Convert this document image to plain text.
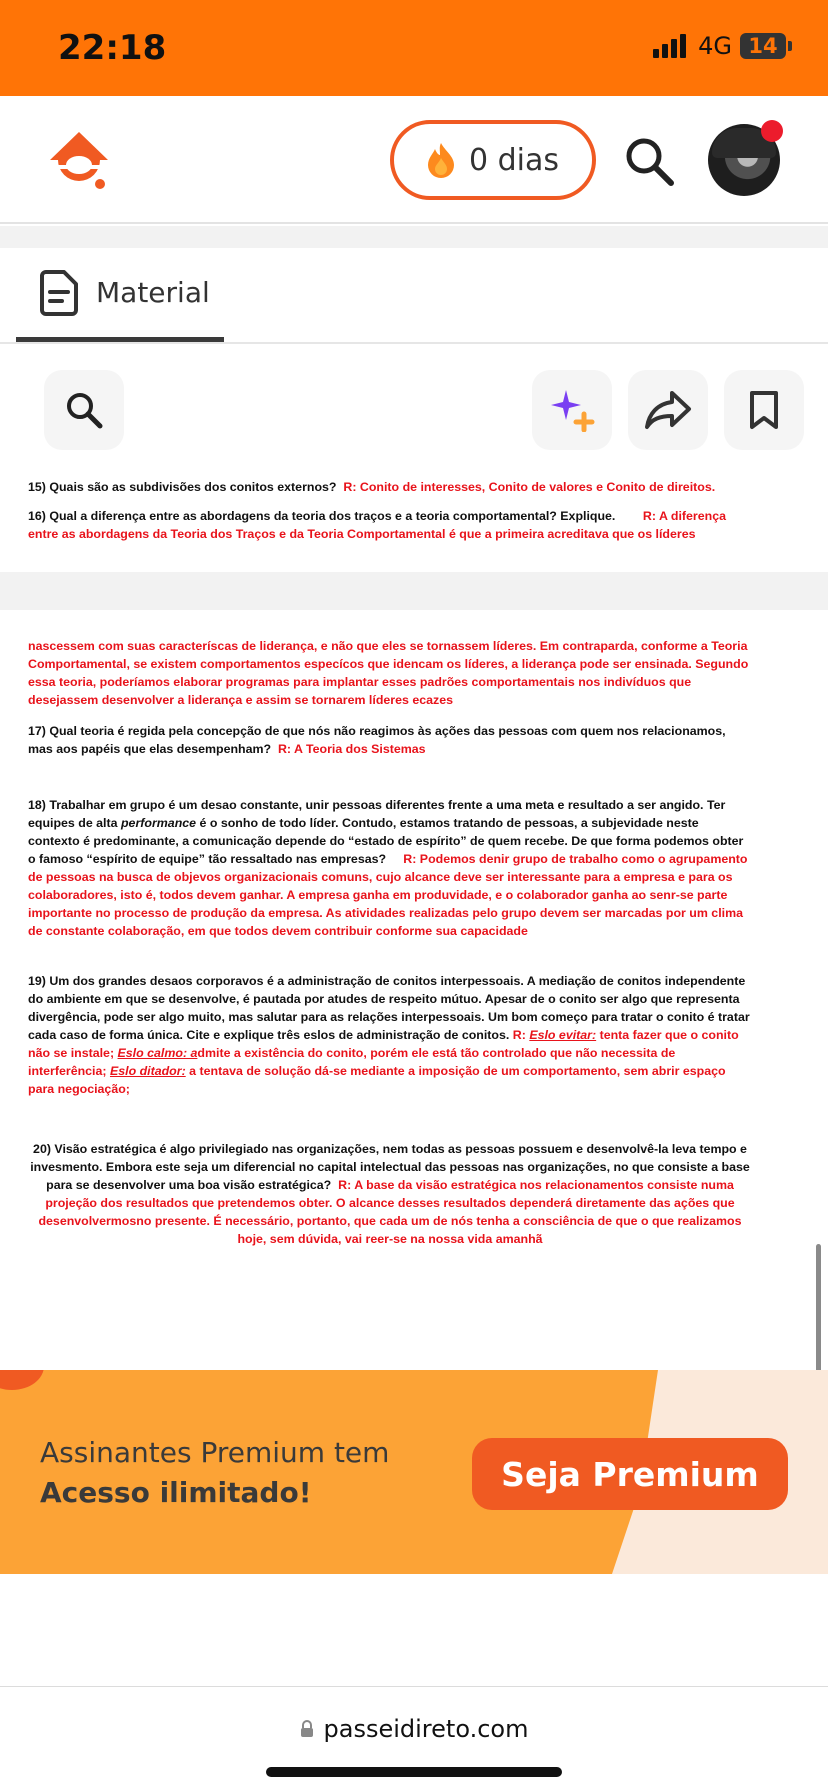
22:18	4G 14
0 dias
Material
15) Quais são as subdivisões dos conitos externos? R: Conito de interesses, Conito de valores e Conito de direitos.
16) Qual a diferença entre as abordagens da teoria dos traços e a teoria comportamental? Explique. R: A diferença entre as abordagens da Teoria dos Traços e da Teoria Comportamental é que a primeira acreditava que os líderes
nascessem com suas caracteríscas de liderança, e não que eles se tornassem líderes. Em contraparda, conforme a Teoria Comportamental, se existem comportamentos especícos que idencam os líderes, a liderança pode ser ensinada. Segundo essa teoria, poderíamos elaborar programas para implantar esses padrões comportamentais nos indivíduos que desejassem desenvolver a liderança e assim se tornarem líderes ecazes
17) Qual teoria é regida pela concepção de que nós não reagimos às ações das pessoas com quem nos relacionamos, mas aos papéis que elas desempenham? R: A Teoria dos Sistemas
18) Trabalhar em grupo é um desao constante, unir pessoas diferentes frente a uma meta e resultado a ser angido. Ter equipes de alta performance é o sonho de todo líder. Contudo, estamos tratando de pessoas, a subjevidade neste contexto é predominante, a comunicação depende do “estado de espírito” de quem recebe. De que forma podemos obter o famoso “espírito de equipe” tão ressaltado nas empresas? R: Podemos denir grupo de trabalho como o agrupamento de pessoas na busca de objevos organizacionais comuns, cujo alcance deve ser interessante para a empresa e para os colaboradores, isto é, todos devem ganhar. A empresa ganha em produvidade, e o colaborador ganha ao senr-se parte importante no processo de produção da empresa. As atividades realizadas pelo grupo devem ser marcadas por um clima de constante colaboração, em que todos devem contribuir conforme sua capacidade
19) Um dos grandes desaos corporavos é a administração de conitos interpessoais. A mediação de conitos independente do ambiente em que se desenvolve, é pautada por atudes de respeito mútuo. Apesar de o conito ser algo que representa divergência, pode ser algo muito, mas salutar para as relações interpessoais. Um bom começo para tratar o conito é tratar cada caso de forma única. Cite e explique três eslos de administração de conitos. R: Eslo evitar: tenta fazer que o conito não se instale; Eslo calmo: admite a existência do conito, porém ele está tão controlado que não necessita de interferência; Eslo ditador: a tentava de solução dá-se mediante a imposição de um comportamento, sem abrir espaço para negociação;
20) Visão estratégica é algo privilegiado nas organizações, nem todas as pessoas possuem e desenvolvê-la leva tempo e invesmento. Embora este seja um diferencial no capital intelectual das pessoas nas organizações, no que consiste a base para se desenvolver uma boa visão estratégica? R: A base da visão estratégica nos relacionamentos consiste numa projeção dos resultados que pretendemos obter. O alcance desses resultados dependerá diretamente das ações que desenvolvermosno presente. É necessário, portanto, que cada um de nós tenha a consciência de que o que realizamos hoje, sem dúvida, vai reer-se na nossa vida amanhã
Assinantes Premium tem
Acesso ilimitado!	Seja Premium
passeidireto.com
